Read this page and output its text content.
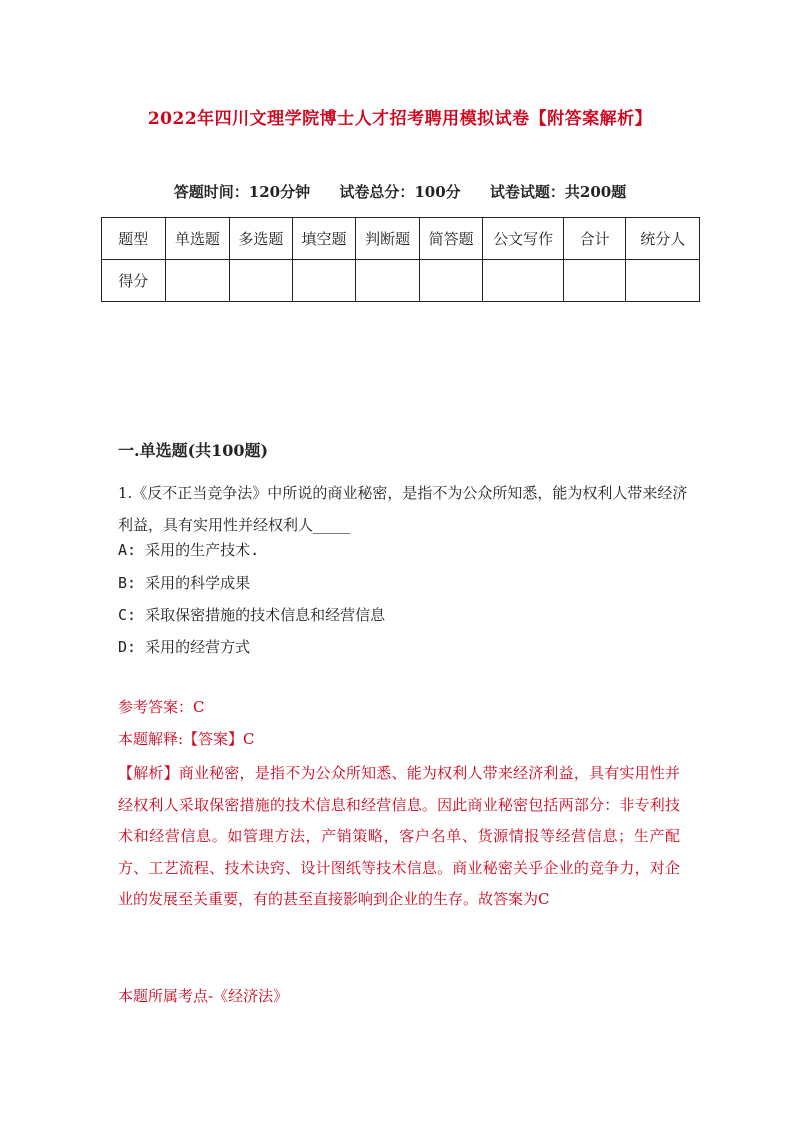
2022年四川文理学院博士人才招考聘用模拟试卷【附答案解析】
答题时间：120分钟 试卷总分：100分 试卷试题：共200题
题型	单选题	多选题	填空题	判断题	简答题	公文写作	合计	统分人
得分								
一.单选题(共100题)
1.《反不正当竞争法》中所说的商业秘密，是指不为公众所知悉，能为权利人带来经济利益，具有实用性并经权利人_____
A: 采用的生产技术.
B: 采用的科学成果
C: 采取保密措施的技术信息和经营信息
D: 采用的经营方式
参考答案：C
本题解释:【答案】C
【解析】商业秘密，是指不为公众所知悉、能为权利人带来经济利益，具有实用性并经权利人采取保密措施的技术信息和经营信息。因此商业秘密包括两部分：非专利技术和经营信息。如管理方法，产销策略，客户名单、货源情报等经营信息；生产配方、工艺流程、技术诀窍、设计图纸等技术信息。商业秘密关乎企业的竞争力，对企业的发展至关重要，有的甚至直接影响到企业的生存。故答案为C
本题所属考点-《经济法》
